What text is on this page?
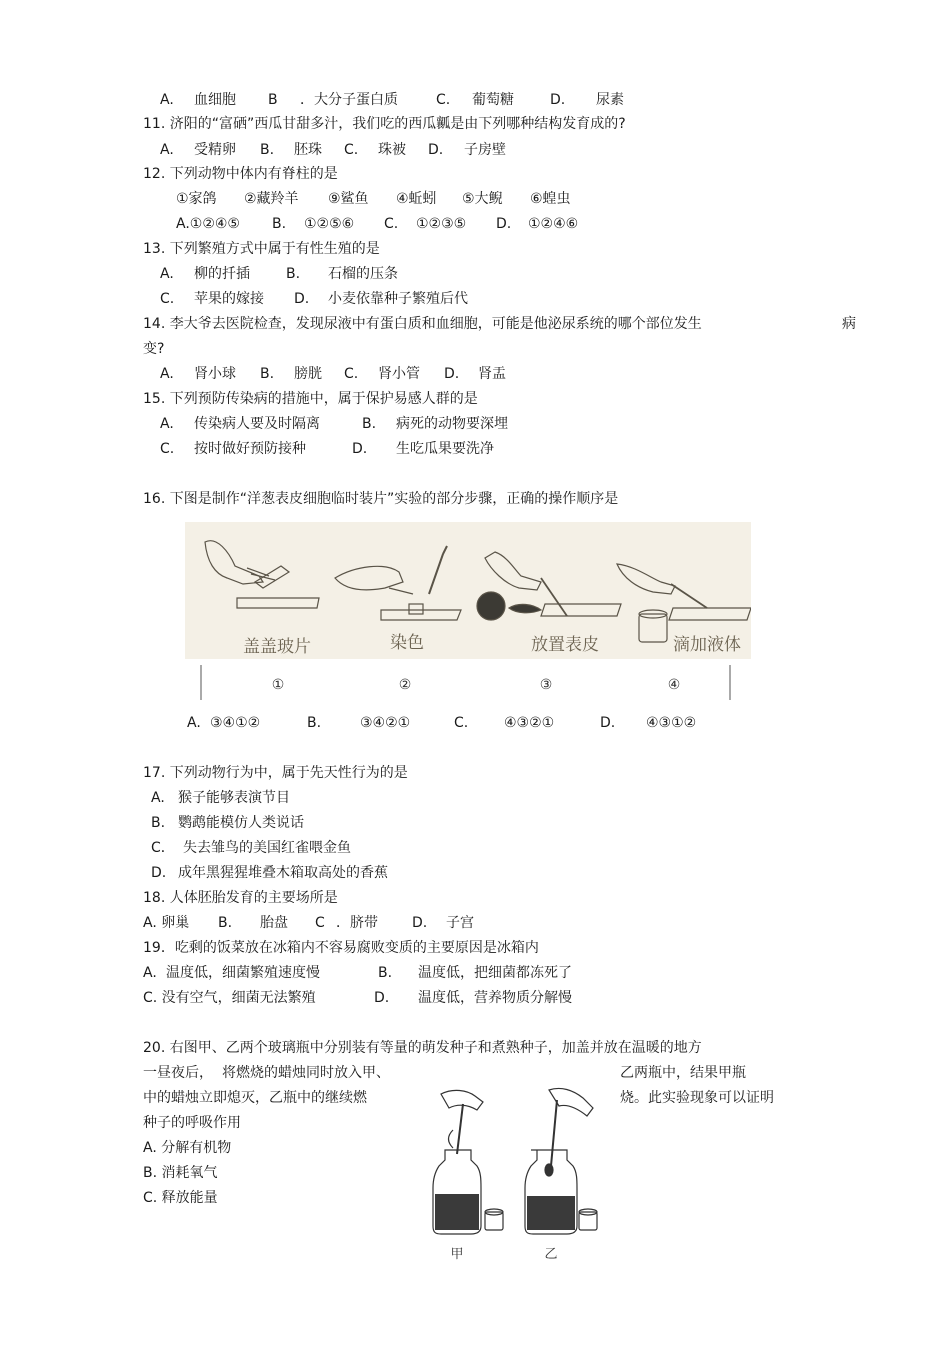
A. 血细胞 B ．大分子蛋白质	C. 葡萄糖	D. 尿素
11. 济阳的“富硒”西瓜甘甜多汁，我们吃的西瓜瓤是由下列哪种结构发育成的?
A. 受精卵 B. 胚珠 C. 珠被 D. 子房壁
12. 下列动物中体内有脊柱的是
①家鸽 ②藏羚羊 ⑨鲨鱼 ④蚯蚓 ⑤大鲵 ⑥蝗虫
A.①②④⑤ B. ①②⑤⑥ C. ①②③⑤ D. ①②④⑥
13. 下列繁殖方式中属于有性生殖的是
A. 柳的扦插	B. 石榴的压条
C. 苹果的嫁接 D. 小麦依靠种子繁殖后代
14. 李大爷去医院检查，发现尿液中有蛋白质和血细胞，可能是他泌尿系统的哪个部位发生	病
变?
A. 肾小球 B. 膀胱 C. 肾小管 D. 肾盂
15. 下列预防传染病的措施中，属于保护易感人群的是
A. 传染病人要及时隔离	B. 病死的动物要深埋
C. 按时做好预防接种	D. 生吃瓜果要洗净
16. 下图是制作“洋葱表皮细胞临时装片”实验的部分步骤，正确的操作顺序是
盖盖玻片	染色	放置表皮	滴加液体
①	②	③	④
A. ③④①②	B.	③④②①	C.	④③②①	D. ④③①②
17. 下列动物行为中，属于先天性行为的是
A. 猴子能够表演节目
B. 鹦鹉能模仿人类说话
C． 失去雏鸟的美国红雀喂金鱼
D. 成年黑猩猩堆叠木箱取高处的香蕉
18. 人体胚胎发育的主要场所是
A. 卵巢 B. 胎盘 C ．脐带 D. 子宫
19．吃剩的饭菜放在冰箱内不容易腐败变质的主要原因是冰箱内
A. 温度低，细菌繁殖速度慢	B. 温度低，把细菌都冻死了
C. 没有空气，细菌无法繁殖	D. 温度低，营养物质分解慢
20. 右图甲、乙两个玻璃瓶中分别装有等量的萌发种子和煮熟种子，加盖并放在温暖的地方
一昼夜后， 将燃烧的蜡烛同时放入甲、	乙两瓶中，结果甲瓶
中的蜡烛立即熄灭，乙瓶中的继续燃	烧。此实验现象可以证明
种子的呼吸作用
A. 分解有机物
B. 消耗氧气
C. 释放能量
甲	乙
